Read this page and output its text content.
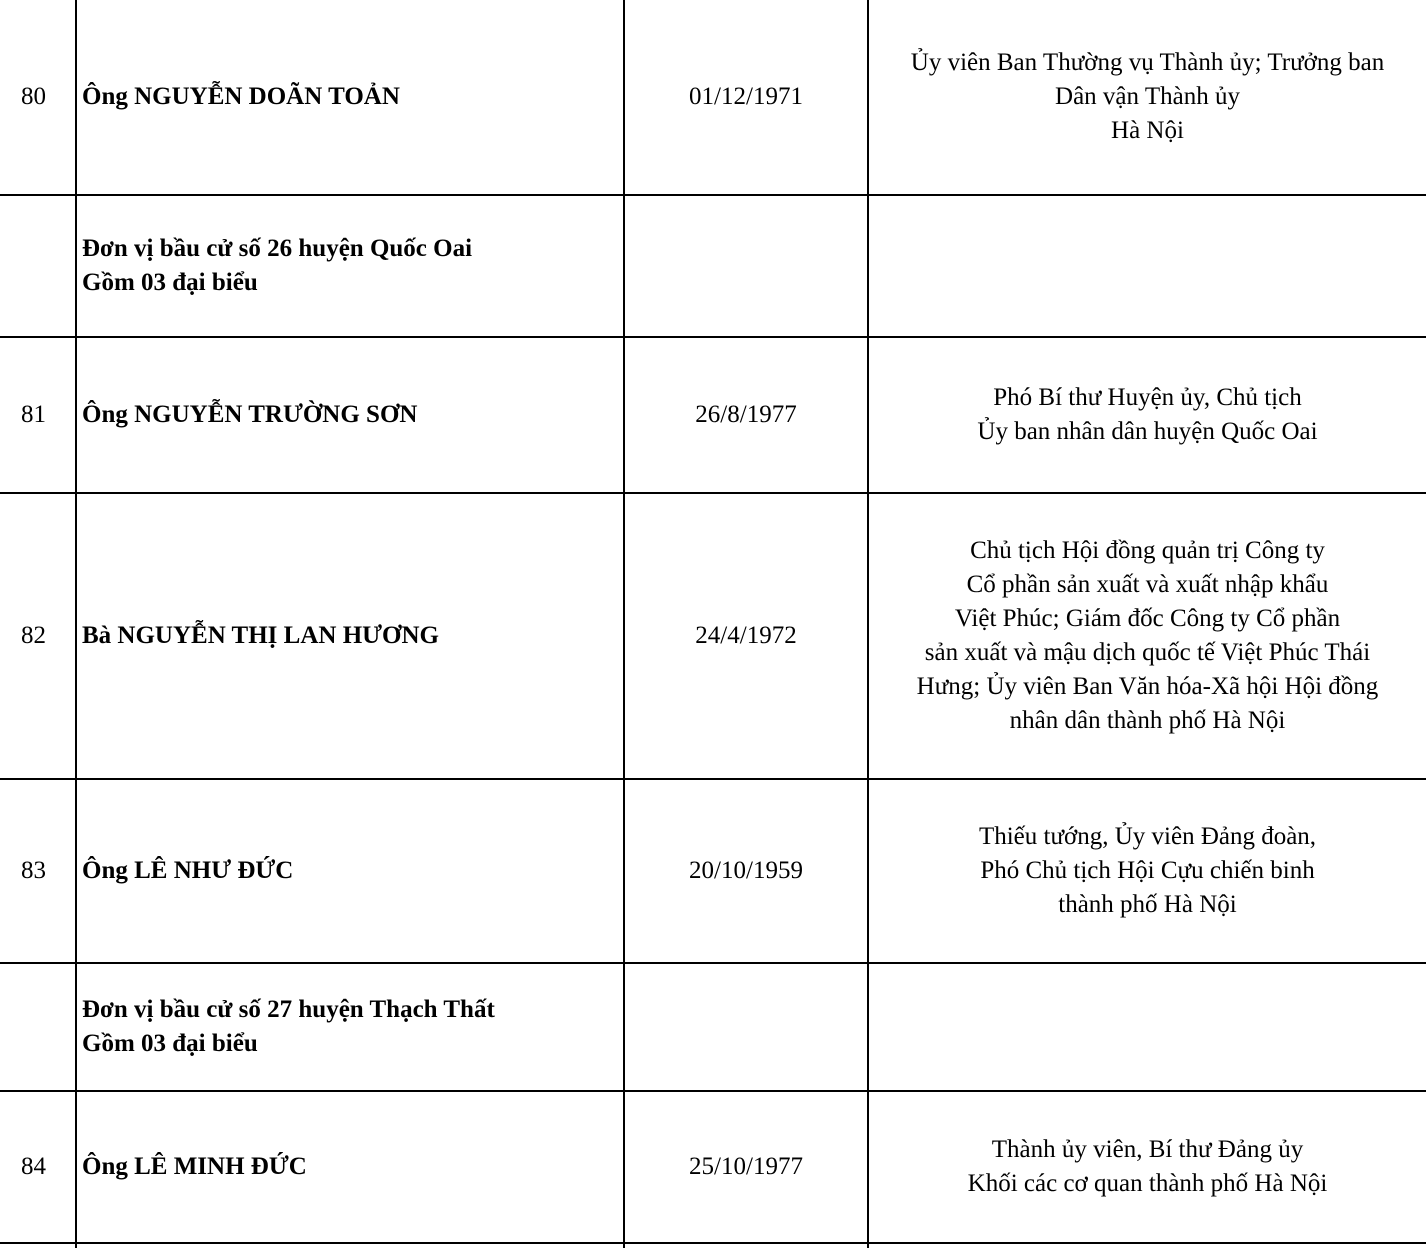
80	Ông NGUYỄN DOÃN TOẢN	01/12/1971
Ủy viên Ban Thường vụ Thành ủy; Trưởng ban
Dân vận Thành ủy
Hà Nội
Đơn vị bầu cử số 26 huyện Quốc Oai
Gồm 03 đại biểu
81	Ông NGUYỄN TRƯỜNG SƠN	26/8/1977
Phó Bí thư Huyện ủy, Chủ tịch
Ủy ban nhân dân huyện Quốc Oai
82	Bà NGUYỄN THỊ LAN HƯƠNG	24/4/1972
Chủ tịch Hội đồng quản trị Công ty
Cổ phần sản xuất và xuất nhập khẩu
Việt Phúc; Giám đốc Công ty Cổ phần
sản xuất và mậu dịch quốc tế Việt Phúc Thái
Hưng; Ủy viên Ban Văn hóa-Xã hội Hội đồng
nhân dân thành phố Hà Nội
83	Ông LÊ NHƯ ĐỨC	20/10/1959
Thiếu tướng, Ủy viên Đảng đoàn,
Phó Chủ tịch Hội Cựu chiến binh
thành phố Hà Nội
Đơn vị bầu cử số 27 huyện Thạch Thất
Gồm 03 đại biểu
84	Ông LÊ MINH ĐỨC	25/10/1977
Thành ủy viên, Bí thư Đảng ủy
Khối các cơ quan thành phố Hà Nội
